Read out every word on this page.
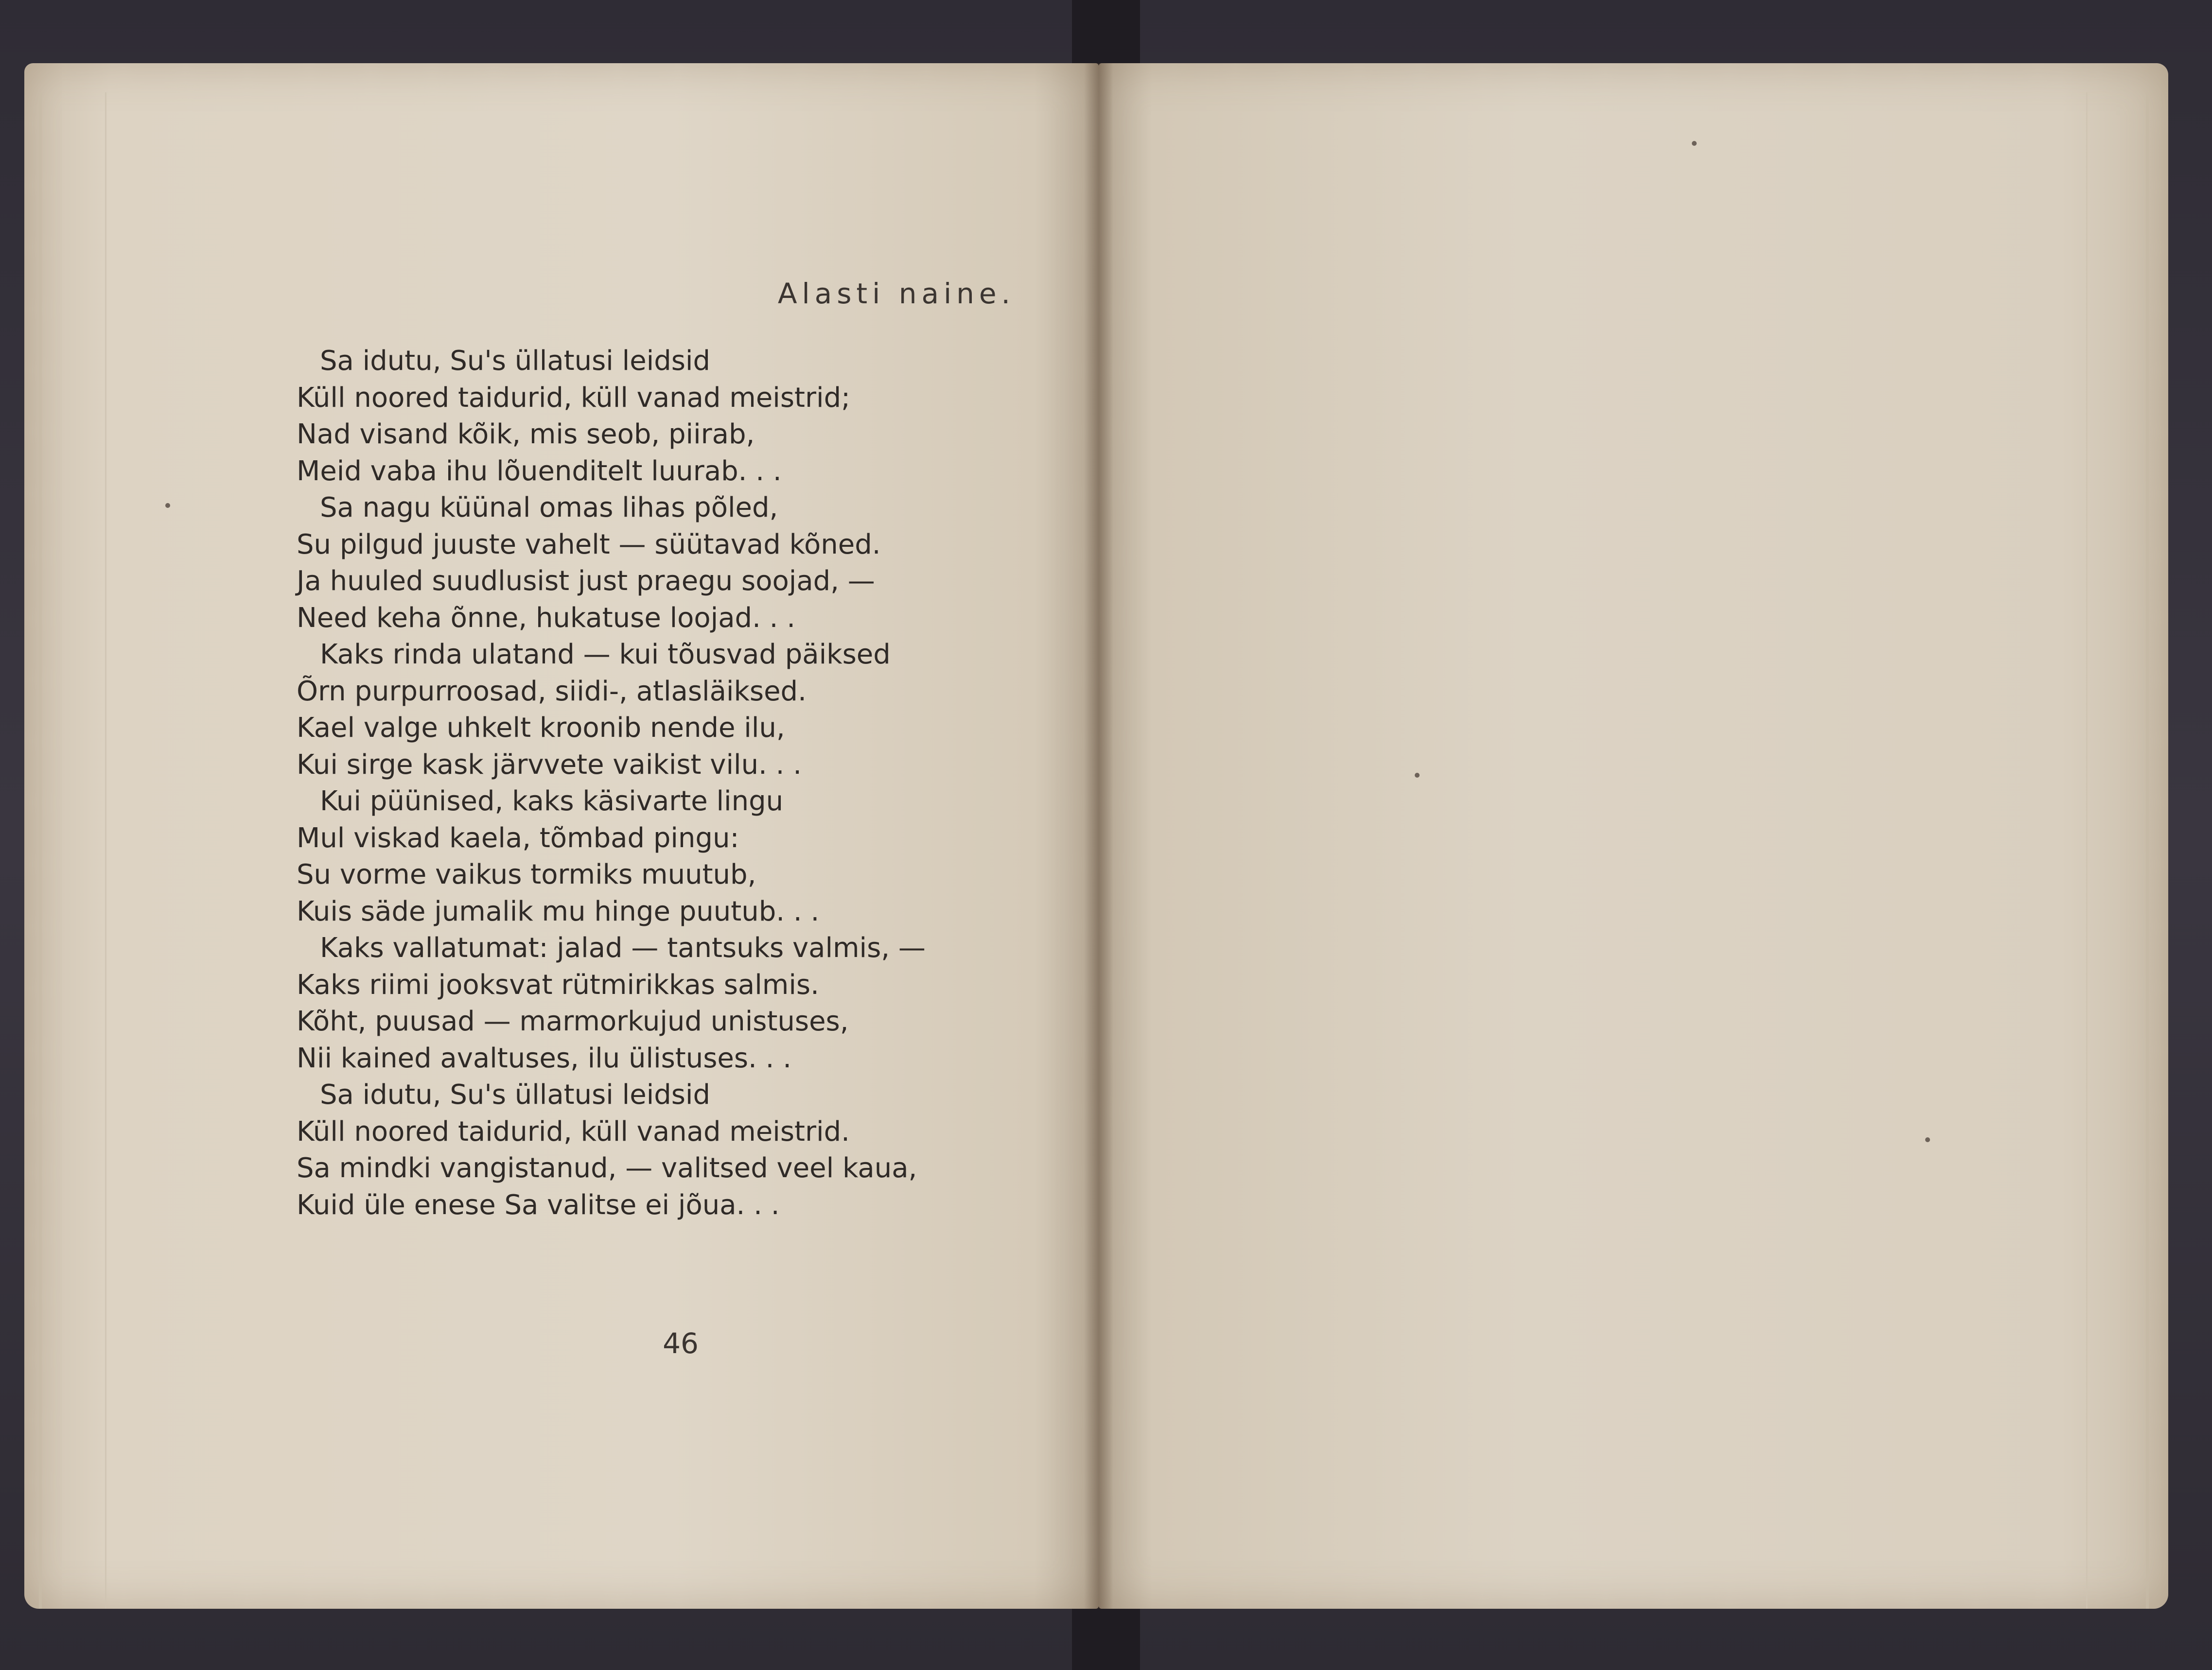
Alasti naine.
Sa idutu, Su's üllatusi leidsid
Küll noored taidurid, küll vanad meistrid;
Nad visand kõik, mis seob, piirab,
Meid vaba ihu lõuenditelt luurab. . .
Sa nagu küünal omas lihas põled,
Su pilgud juuste vahelt — süütavad kõned.
Ja huuled suudlusist just praegu soojad, —
Need keha õnne, hukatuse loojad. . .
Kaks rinda ulatand — kui tõusvad päiksed
Õrn purpurroosad, siidi-, atlasläiksed.
Kael valge uhkelt kroonib nende ilu,
Kui sirge kask järvvete vaikist vilu. . .
Kui püünised, kaks käsivarte lingu
Mul viskad kaela, tõmbad pingu:
Su vorme vaikus tormiks muutub,
Kuis säde jumalik mu hinge puutub. . .
Kaks vallatumat: jalad — tantsuks valmis, —
Kaks riimi jooksvat rütmirikkas salmis.
Kõht, puusad — marmorkujud unistuses,
Nii kained avaltuses, ilu ülistuses. . .
Sa idutu, Su's üllatusi leidsid
Küll noored taidurid, küll vanad meistrid.
Sa mindki vangistanud, — valitsed veel kaua,
Kuid üle enese Sa valitse ei jõua. . .
46
